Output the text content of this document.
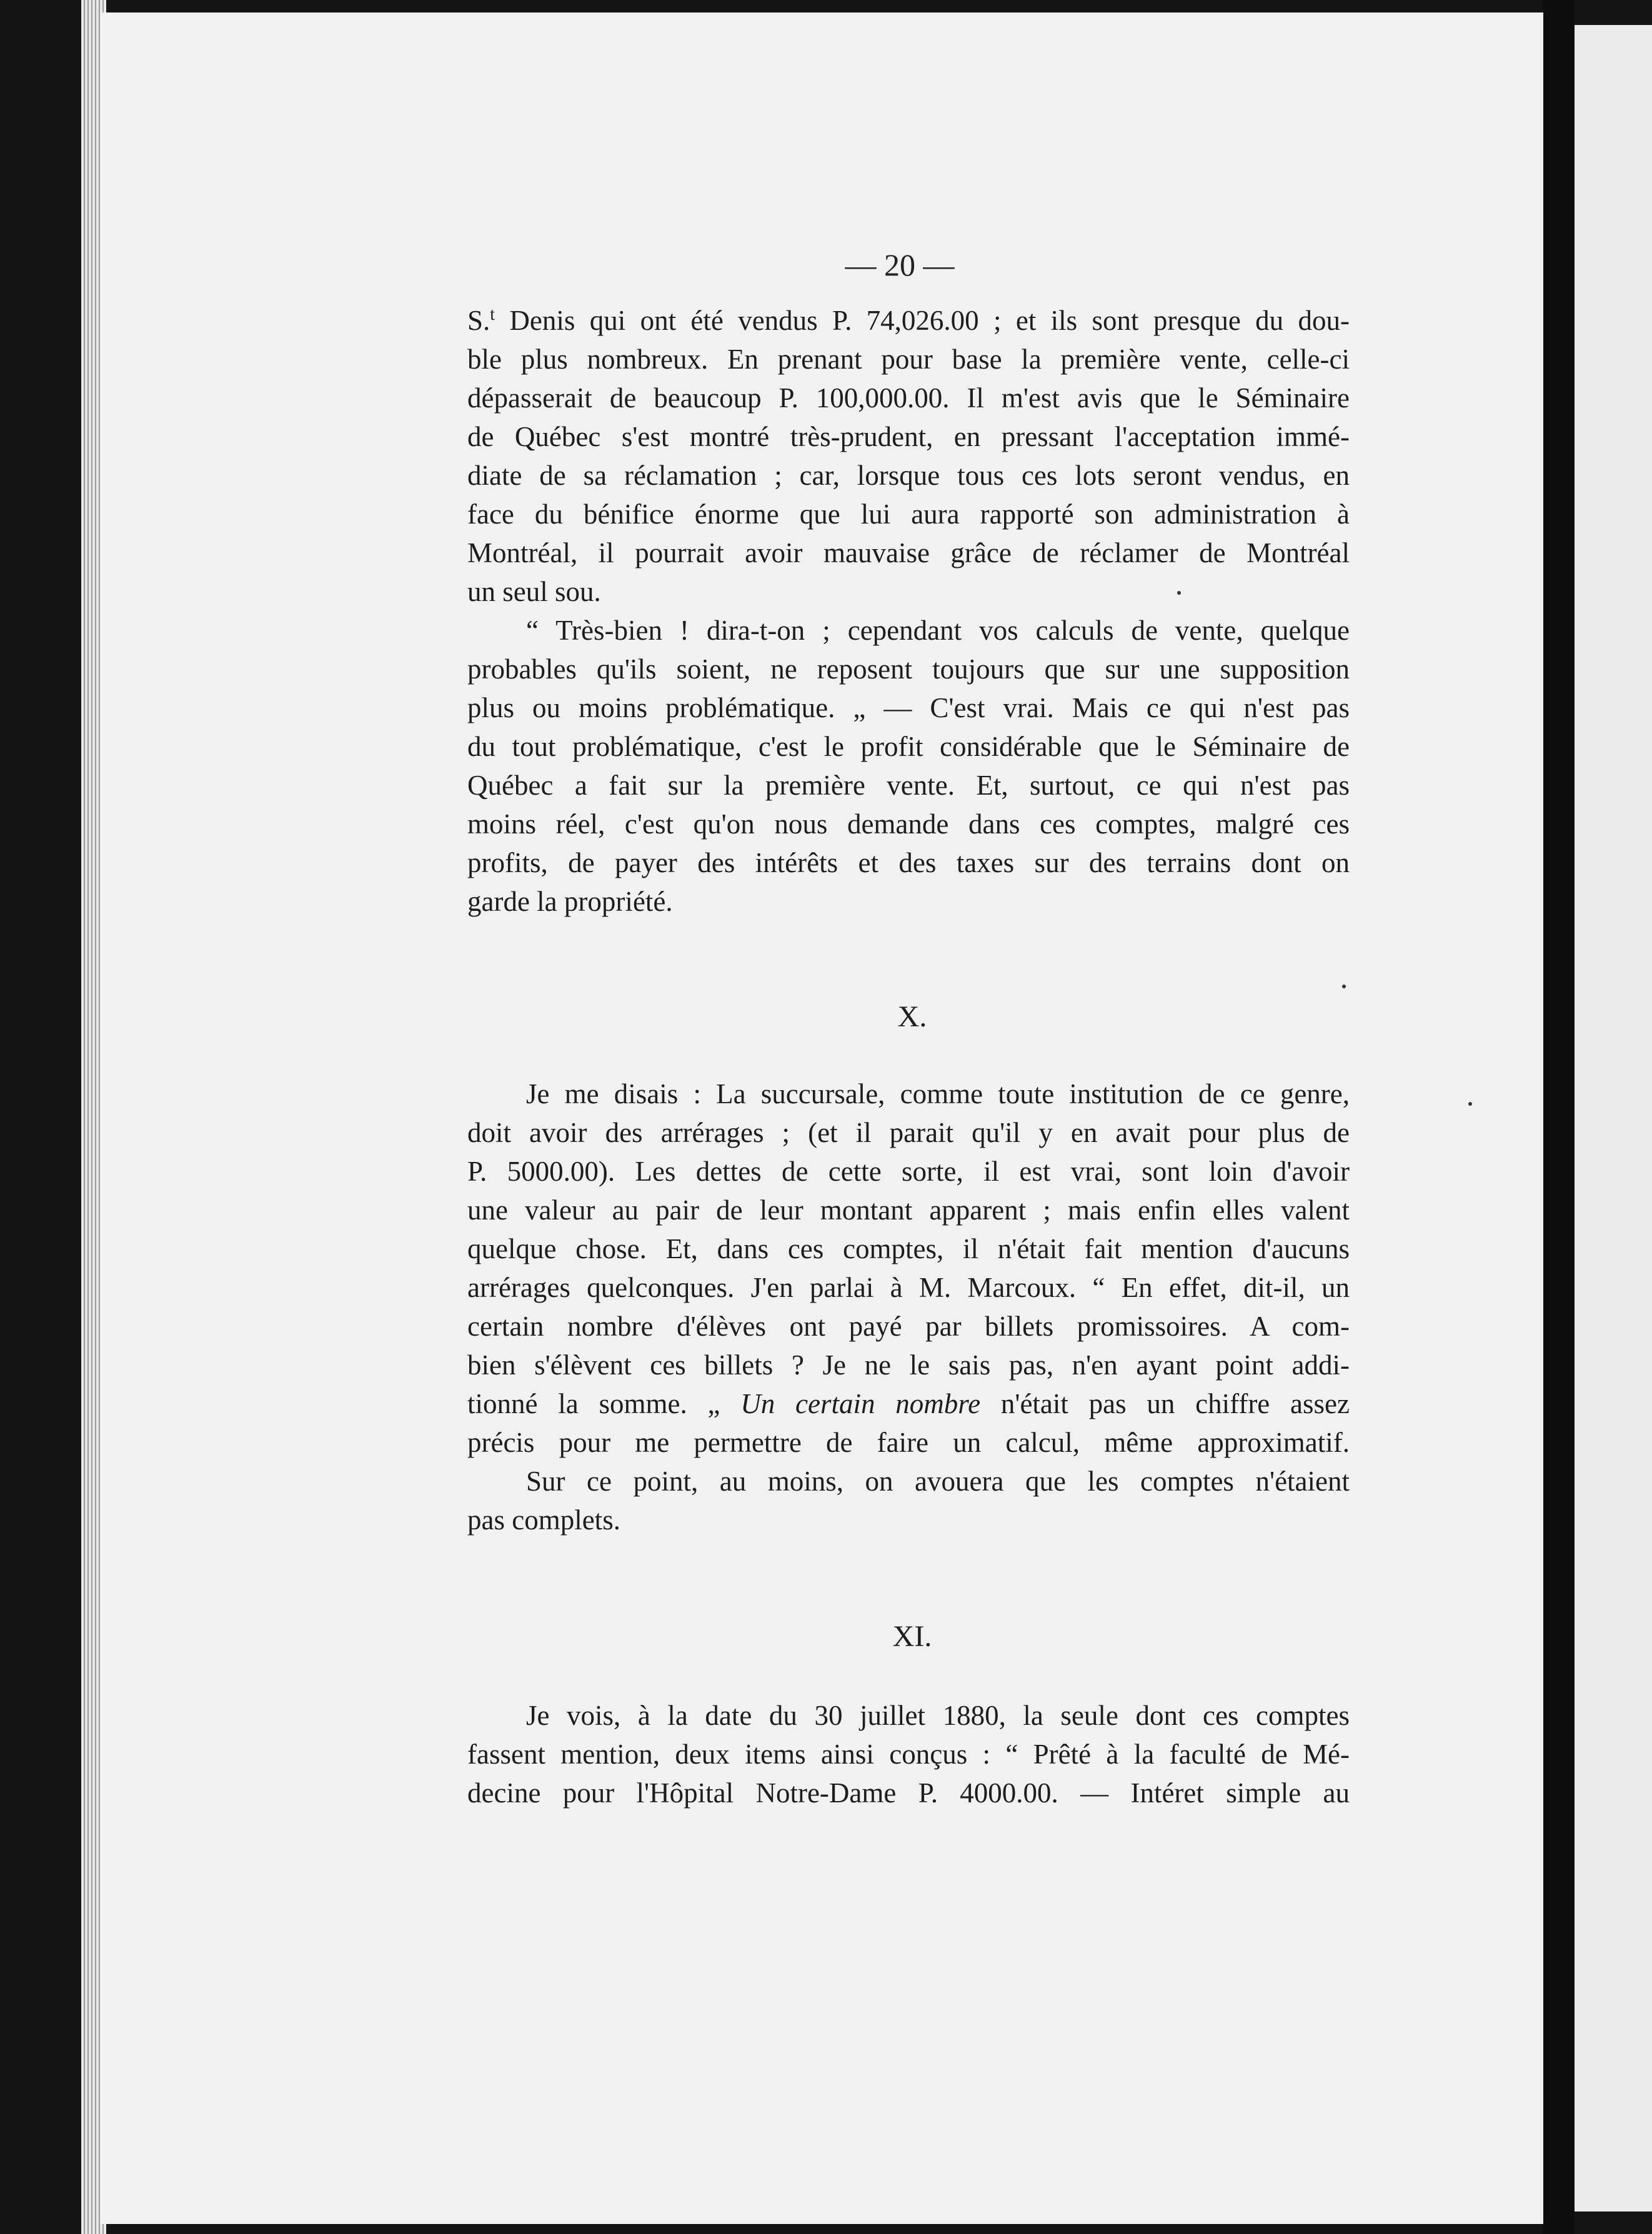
— 20 —
S.$^t$ Denis qui ont été vendus P. 74,026.00 ; et ils sont presque du dou-
ble plus nombreux. En prenant pour base la première vente, celle-ci
dépasserait de beaucoup P. 100,000.00. Il m'est avis que le Séminaire
de Québec s'est montré très-prudent, en pressant l'acceptation immé-
diate de sa réclamation ; car, lorsque tous ces lots seront vendus, en
face du bénifice énorme que lui aura rapporté son administration à
Montréal, il pourrait avoir mauvaise grâce de réclamer de Montréal
un seul sou.
“ Très-bien ! dira-t-on ; cependant vos calculs de vente, quelque
probables qu'ils soient, ne reposent toujours que sur une supposition
plus ou moins problématique. „ — C'est vrai. Mais ce qui n'est pas
du tout problématique, c'est le profit considérable que le Séminaire de
Québec a fait sur la première vente. Et, surtout, ce qui n'est pas
moins réel, c'est qu'on nous demande dans ces comptes, malgré ces
profits, de payer des intérêts et des taxes sur des terrains dont on
garde la propriété.
X.
Je me disais : La succursale, comme toute institution de ce genre,
doit avoir des arrérages ; (et il parait qu'il y en avait pour plus de
P. 5000.00). Les dettes de cette sorte, il est vrai, sont loin d'avoir
une valeur au pair de leur montant apparent ; mais enfin elles valent
quelque chose. Et, dans ces comptes, il n'était fait mention d'aucuns
arrérages quelconques. J'en parlai à M. Marcoux. “ En effet, dit-il, un
certain nombre d'élèves ont payé par billets promissoires. A com-
bien s'élèvent ces billets ? Je ne le sais pas, n'en ayant point addi-
tionné la somme. „ Un certain nombre n'était pas un chiffre assez
précis pour me permettre de faire un calcul, même approximatif.
Sur ce point, au moins, on avouera que les comptes n'étaient
pas complets.
XI.
Je vois, à la date du 30 juillet 1880, la seule dont ces comptes
fassent mention, deux items ainsi conçus : “ Prêté à la faculté de Mé-
decine pour l'Hôpital Notre-Dame P. 4000.00. — Intéret simple au
